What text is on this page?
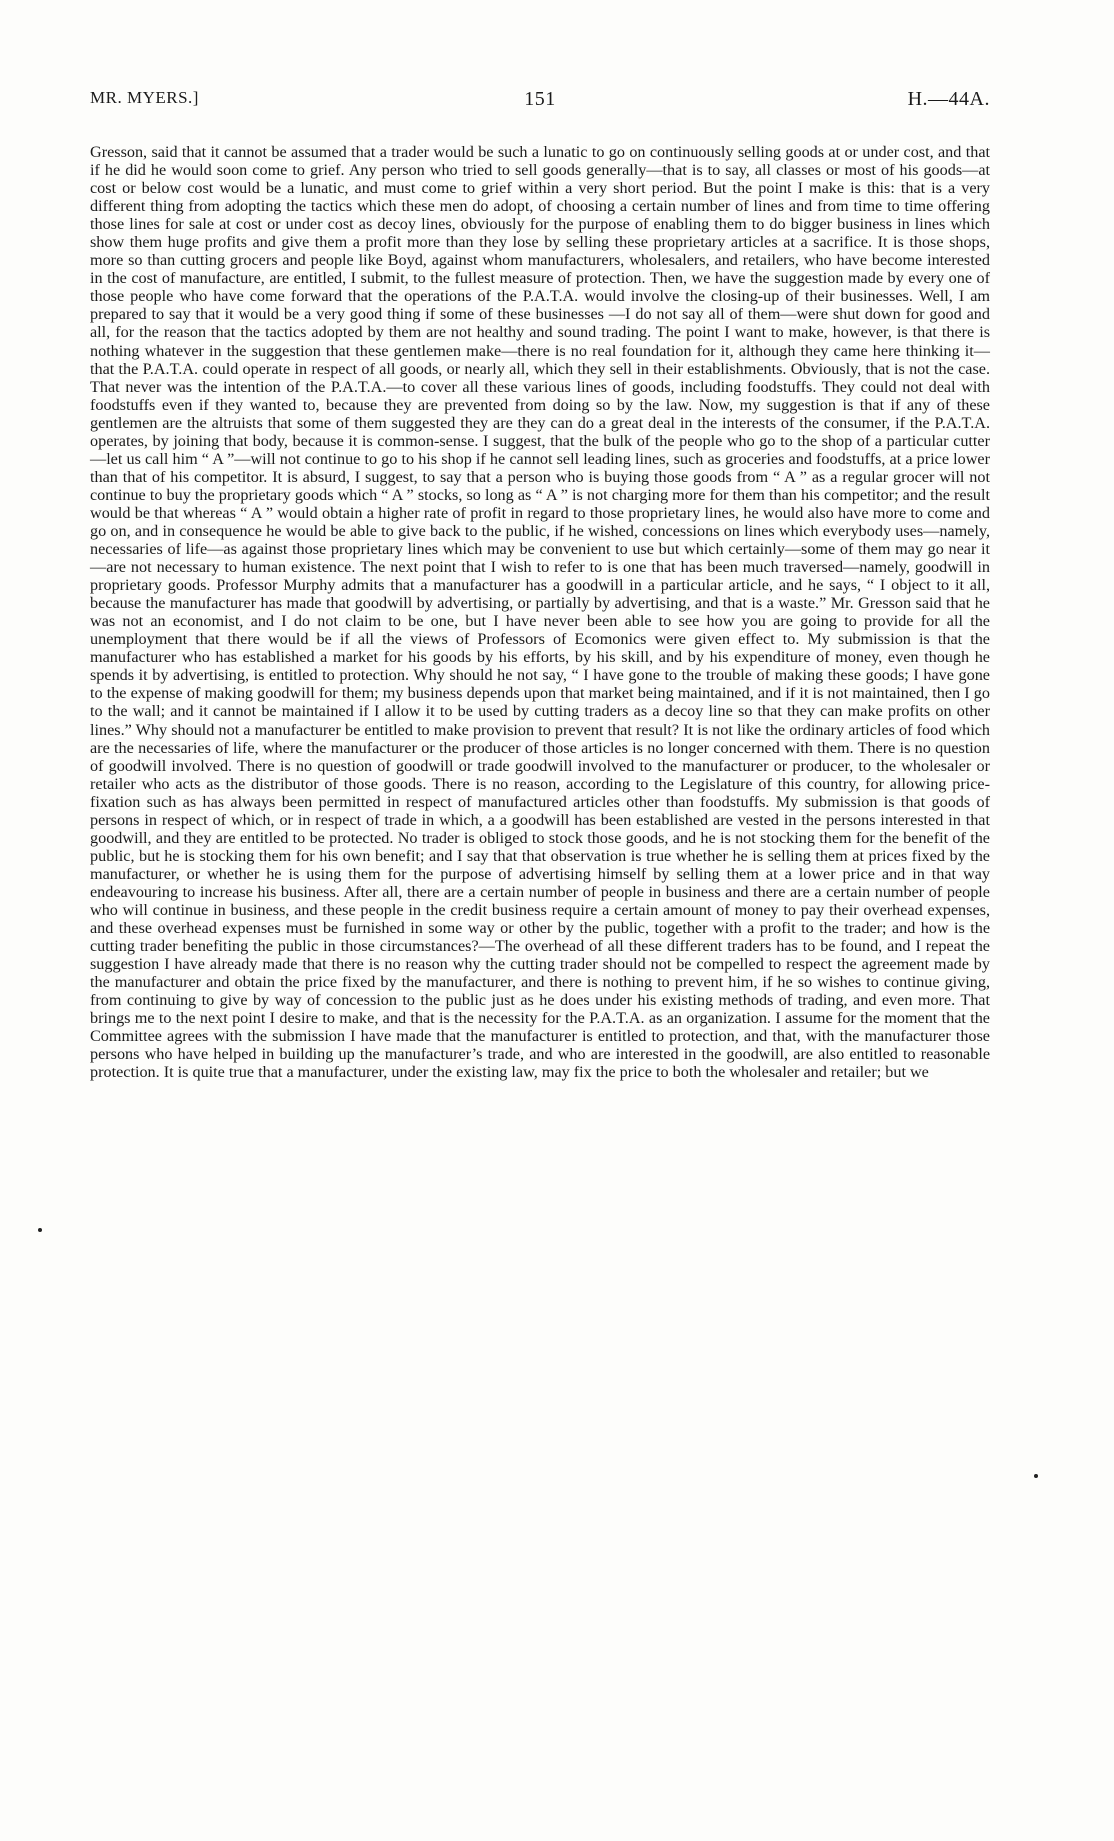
MR. MYERS.]	151	H.—44A.

Gresson, said that it cannot be assumed that a trader would be such a lunatic to go on continuously selling goods at or under cost, and that if he did he would soon come to grief. Any person who tried to sell goods generally—that is to say, all classes or most of his goods—at cost or below cost would be a lunatic, and must come to grief within a very short period. But the point I make is this: that is a very different thing from adopting the tactics which these men do adopt, of choosing a certain number of lines and from time to time offering those lines for sale at cost or under cost as decoy lines, obviously for the purpose of enabling them to do bigger business in lines which show them huge profits and give them a profit more than they lose by selling these proprietary articles at a sacrifice. It is those shops, more so than cutting grocers and people like Boyd, against whom manufacturers, wholesalers, and retailers, who have become interested in the cost of manufacture, are entitled, I submit, to the fullest measure of protection. Then, we have the suggestion made by every one of those people who have come forward that the operations of the P.A.T.A. would involve the closing-up of their businesses. Well, I am prepared to say that it would be a very good thing if some of these businesses —I do not say all of them—were shut down for good and all, for the reason that the tactics adopted by them are not healthy and sound trading. The point I want to make, however, is that there is nothing whatever in the suggestion that these gentlemen make—there is no real foundation for it, although they came here thinking it—that the P.A.T.A. could operate in respect of all goods, or nearly all, which they sell in their establishments. Obviously, that is not the case. That never was the intention of the P.A.T.A.—to cover all these various lines of goods, including foodstuffs. They could not deal with foodstuffs even if they wanted to, because they are prevented from doing so by the law. Now, my suggestion is that if any of these gentlemen are the altruists that some of them suggested they are they can do a great deal in the interests of the consumer, if the P.A.T.A. operates, by joining that body, because it is common-sense. I suggest, that the bulk of the people who go to the shop of a particular cutter—let us call him “ A ”—will not continue to go to his shop if he cannot sell leading lines, such as groceries and foodstuffs, at a price lower than that of his competitor. It is absurd, I suggest, to say that a person who is buying those goods from “ A ” as a regular grocer will not continue to buy the proprietary goods which “ A ” stocks, so long as “ A ” is not charging more for them than his competitor; and the result would be that whereas “ A ” would obtain a higher rate of profit in regard to those proprietary lines, he would also have more to come and go on, and in consequence he would be able to give back to the public, if he wished, concessions on lines which everybody uses—namely, necessaries of life—as against those proprietary lines which may be convenient to use but which certainly—some of them may go near it—are not necessary to human existence. The next point that I wish to refer to is one that has been much traversed—namely, goodwill in proprietary goods. Professor Murphy admits that a manufacturer has a goodwill in a particular article, and he says, “ I object to it all, because the manufacturer has made that goodwill by advertising, or partially by advertising, and that is a waste.” Mr. Gresson said that he was not an economist, and I do not claim to be one, but I have never been able to see how you are going to provide for all the unemployment that there would be if all the views of Professors of Ecomonics were given effect to. My submission is that the manufacturer who has established a market for his goods by his efforts, by his skill, and by his expenditure of money, even though he spends it by advertising, is entitled to protection. Why should he not say, “ I have gone to the trouble of making these goods; I have gone to the expense of making goodwill for them; my business depends upon that market being maintained, and if it is not maintained, then I go to the wall; and it cannot be maintained if I allow it to be used by cutting traders as a decoy line so that they can make profits on other lines.” Why should not a manufacturer be entitled to make provision to prevent that result? It is not like the ordinary articles of food which are the necessaries of life, where the manufacturer or the producer of those articles is no longer concerned with them. There is no question of goodwill involved. There is no question of goodwill or trade goodwill involved to the manufacturer or producer, to the wholesaler or retailer who acts as the distributor of those goods. There is no reason, according to the Legislature of this country, for allowing price-fixation such as has always been permitted in respect of manufactured articles other than foodstuffs. My submission is that goods of persons in respect of which, or in respect of trade in which, a a goodwill has been established are vested in the persons interested in that goodwill, and they are entitled to be protected. No trader is obliged to stock those goods, and he is not stocking them for the benefit of the public, but he is stocking them for his own benefit; and I say that that observation is true whether he is selling them at prices fixed by the manufacturer, or whether he is using them for the purpose of advertising himself by selling them at a lower price and in that way endeavouring to increase his business. After all, there are a certain number of people in business and there are a certain number of people who will continue in business, and these people in the credit business require a certain amount of money to pay their overhead expenses, and these overhead expenses must be furnished in some way or other by the public, together with a profit to the trader; and how is the cutting trader benefiting the public in those circumstances?—The overhead of all these different traders has to be found, and I repeat the suggestion I have already made that there is no reason why the cutting trader should not be compelled to respect the agreement made by the manufacturer and obtain the price fixed by the manufacturer, and there is nothing to prevent him, if he so wishes to continue giving, from continuing to give by way of concession to the public just as he does under his existing methods of trading, and even more. That brings me to the next point I desire to make, and that is the necessity for the P.A.T.A. as an organization. I assume for the moment that the Committee agrees with the submission I have made that the manufacturer is entitled to protection, and that, with the manufacturer those persons who have helped in building up the manufacturer’s trade, and who are interested in the goodwill, are also entitled to reasonable protection. It is quite true that a manufacturer, under the existing law, may fix the price to both the wholesaler and retailer; but we
